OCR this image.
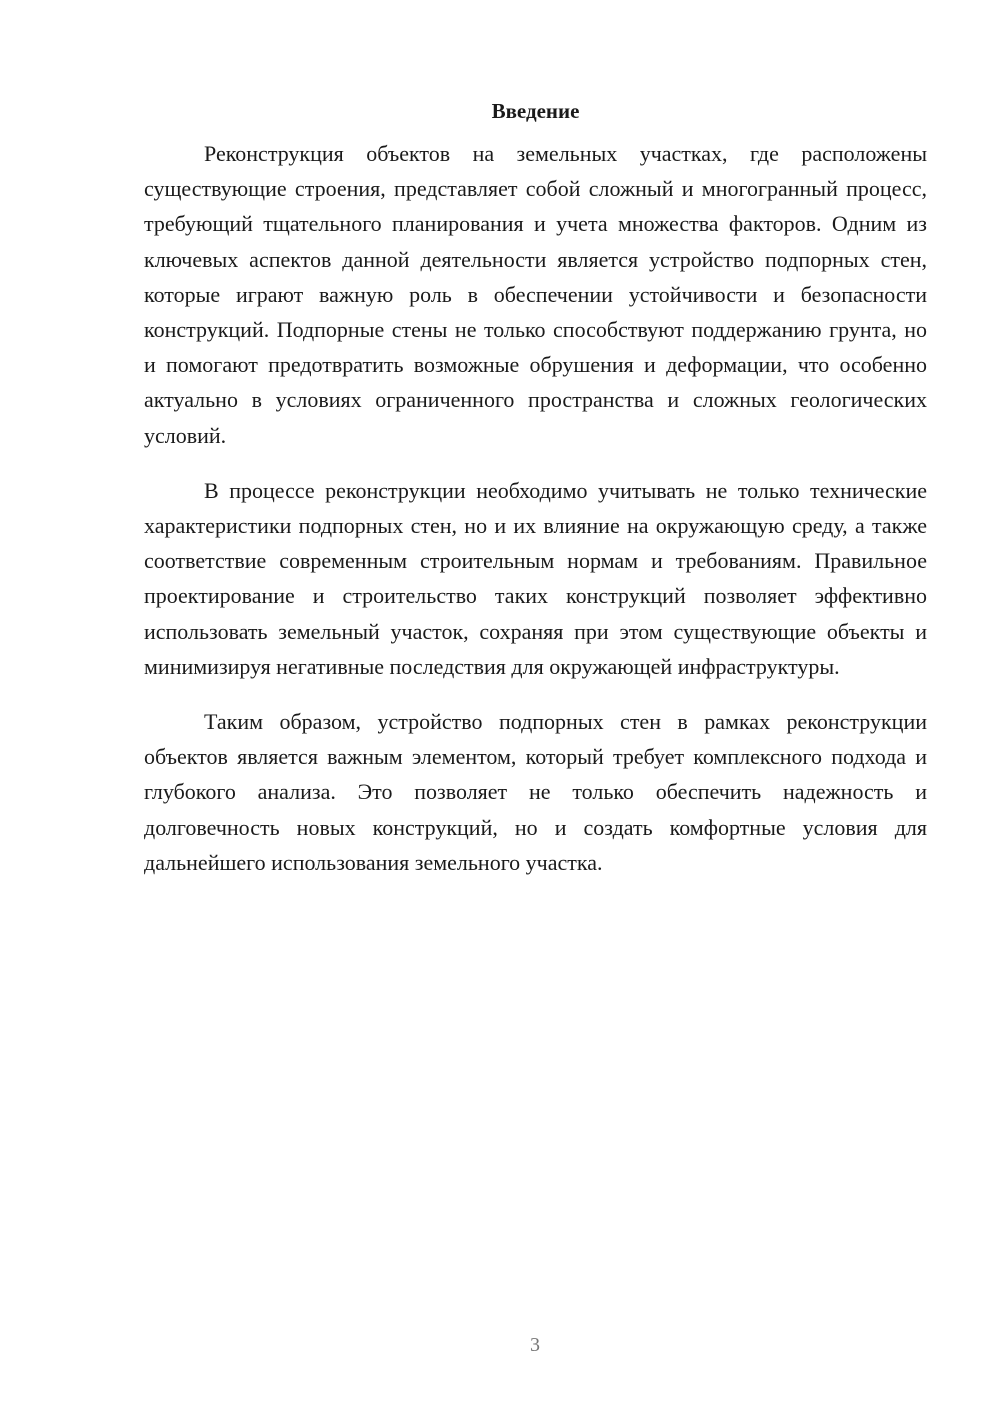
Введение

Реконструкция объектов на земельных участках, где расположены существующие строения, представляет собой сложный и многогранный процесс, требующий тщательного планирования и учета множества факторов. Одним из ключевых аспектов данной деятельности является устройство подпорных стен, которые играют важную роль в обеспечении устойчивости и безопасности конструкций. Подпорные стены не только способствуют поддержанию грунта, но и помогают предотвратить возможные обрушения и деформации, что особенно актуально в условиях ограниченного пространства и сложных геологических условий.

В процессе реконструкции необходимо учитывать не только технические характеристики подпорных стен, но и их влияние на окружающую среду, а также соответствие современным строительным нормам и требованиям. Правильное проектирование и строительство таких конструкций позволяет эффективно использовать земельный участок, сохраняя при этом существующие объекты и минимизируя негативные последствия для окружающей инфраструктуры.

Таким образом, устройство подпорных стен в рамках реконструкции объектов является важным элементом, который требует комплексного подхода и глубокого анализа. Это позволяет не только обеспечить надежность и долговечность новых конструкций, но и создать комфортные условия для дальнейшего использования земельного участка.

3
